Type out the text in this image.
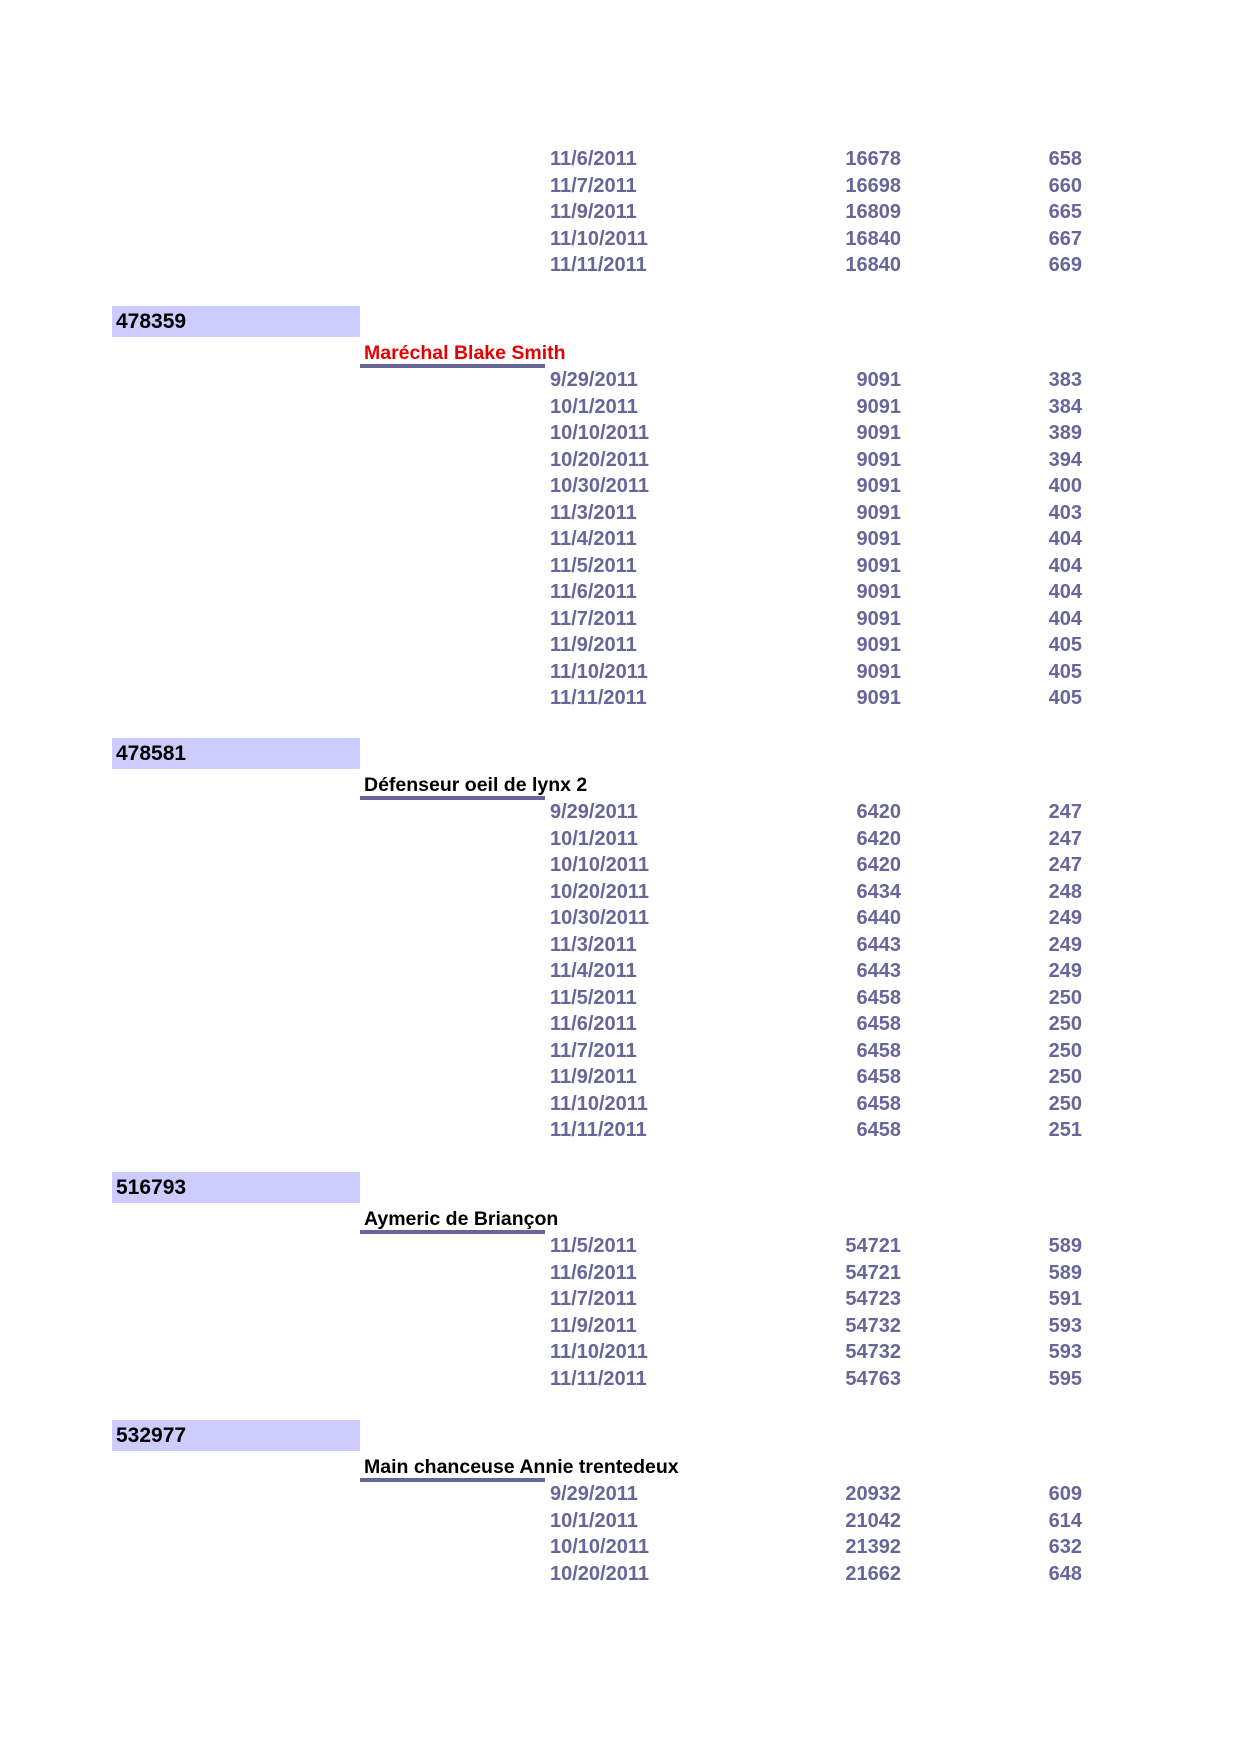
11/6/2011	16678	658
11/7/2011	16698	660
11/9/2011	16809	665
11/10/2011	16840	667
11/11/2011	16840	669
478359
Maréchal Blake Smith
9/29/2011	9091	383
10/1/2011	9091	384
10/10/2011	9091	389
10/20/2011	9091	394
10/30/2011	9091	400
11/3/2011	9091	403
11/4/2011	9091	404
11/5/2011	9091	404
11/6/2011	9091	404
11/7/2011	9091	404
11/9/2011	9091	405
11/10/2011	9091	405
11/11/2011	9091	405
478581
Défenseur oeil de lynx 2
9/29/2011	6420	247
10/1/2011	6420	247
10/10/2011	6420	247
10/20/2011	6434	248
10/30/2011	6440	249
11/3/2011	6443	249
11/4/2011	6443	249
11/5/2011	6458	250
11/6/2011	6458	250
11/7/2011	6458	250
11/9/2011	6458	250
11/10/2011	6458	250
11/11/2011	6458	251
516793
Aymeric de Briançon
11/5/2011	54721	589
11/6/2011	54721	589
11/7/2011	54723	591
11/9/2011	54732	593
11/10/2011	54732	593
11/11/2011	54763	595
532977
Main chanceuse Annie trentedeux
9/29/2011	20932	609
10/1/2011	21042	614
10/10/2011	21392	632
10/20/2011	21662	648
